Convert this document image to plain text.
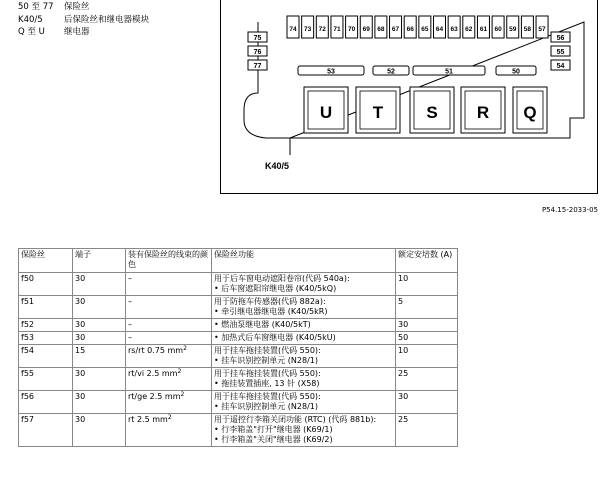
50 至 77	保险丝
K40/5	后保险丝和继电器模块
Q 至 U	继电器	74 73 72 71 70 69 68 67 66 65 64 63 62 61 60 59 58 57
75
76
77
56
55
54
53	52	51	50
U T	S R Q
K40/5
P54.15-2033-05
保险丝	端子	装有保险丝的线束的颜色	保险丝功能	额定安培数 (A)
f50	30	–	用于后车窗电动遮阳卷帘(代码 540a):
• 后车窗遮阳帘继电器 (K40/5kQ)	10
f51	30	–	用于防拖车传感器(代码 882a):
• 牵引继电器继电器 (K40/5kR)	5
f52	30	–	• 燃油泵继电器 (K40/5kT)	30
f53	30	–	• 加热式后车窗继电器 (K40/5kU)	50
f54	15	rs/rt 0.75 $mm^2$	用于挂车拖挂装置(代码 550):
• 挂车识别控制单元 (N28/1)	10
f55	30	rt/vi 2.5 $mm^2$	用于挂车拖挂装置(代码 550):
• 拖挂装置插座, 13 针 (X58)	25
f56	30	rt/ge 2.5 $mm^2$	用于挂车拖挂装置(代码 550):
• 挂车识别控制单元 (N28/1)	30
f57	30	rt 2.5 $mm^2$	用于遥控行李箱关闭功能 (RTC) (代码 881b):
• 行李箱盖"打开"继电器 (K69/1)
• 行李箱盖"关闭"继电器 (K69/2)	25
